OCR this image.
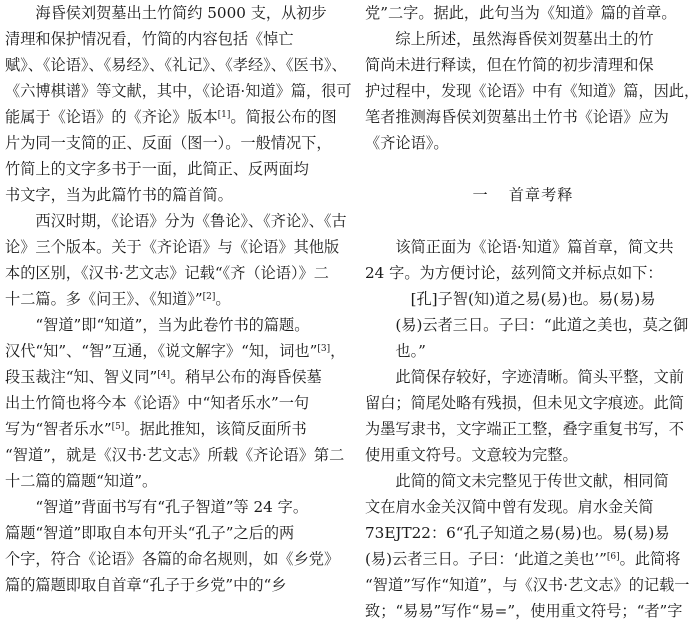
　　海昏侯刘贺墓出土竹简约 5000 支，从初步
清理和保护情况看，竹简的内容包括《悼亡
赋》、《论语》、《易经》、《礼记》、《孝经》、《医书》、
《六博棋谱》等文献，其中，《论语·知道》篇，很可
能属于《论语》的《齐论》版本[1]。简报公布的图
片为同一支简的正、反面（图一）。一般情况下，
竹简上的文字多书于一面，此简正、反两面均
书文字，当为此篇竹书的篇首简。
　　西汉时期，《论语》分为《鲁论》、《齐论》、《古
论》三个版本。关于《齐论语》与《论语》其他版
本的区别，《汉书·艺文志》记载“《齐（论语）》二
十二篇。多《问王》、《知道》”[2]。
　　“智道”即“知道”，当为此卷竹书的篇题。
汉代“知”、“智”互通，《说文解字》“知，词也”[3]，
段玉裁注“知、智义同”[4]。稍早公布的海昏侯墓
出土竹简也将今本《论语》中“知者乐水”一句
写为“智者乐水”[5]。据此推知，该简反面所书
“智道”，就是《汉书·艺文志》所载《齐论语》第二
十二篇的篇题“知道”。
　　“智道”背面书写有“孔子智道”等 24 字。
篇题“智道”即取自本句开头“孔子”之后的两
个字，符合《论语》各篇的命名规则，如《乡党》
篇的篇题即取自首章“孔子于乡党”中的“乡
党”二字。据此，此句当为《知道》篇的首章。
　　综上所述，虽然海昏侯刘贺墓出土的竹
简尚未进行释读，但在竹简的初步清理和保
护过程中，发现《论语》中有《知道》篇，因此，
笔者推测海昏侯刘贺墓出土竹书《论语》应为
《齐论语》。
一 首章考释
　　该简正面为《论语·知道》篇首章，简文共
24 字。为方便讨论，兹列简文并标点如下：
　　　[孔]子智(知)道之易(易)也。易(易)易
　　(易)云者三日。子曰：“此道之美也，莫之御
　　也。”
　　此简保存较好，字迹清晰。简头平整，文前
留白；简尾处略有残损，但未见文字痕迹。此简
为墨写隶书，文字端正工整，叠字重复书写，不
使用重文符号。文意较为完整。
　　此简的简文未完整见于传世文献，相同简
文在肩水金关汉简中曾有发现。肩水金关简
73EJT22：6“孔子知道之易(易)也。易(易)易
(易)云者三日。子曰：‘此道之美也’”[6]。此简将
“智道”写作“知道”，与《汉书·艺文志》的记载一
致；“易易”写作“易=”，使用重文符号；“者”字
